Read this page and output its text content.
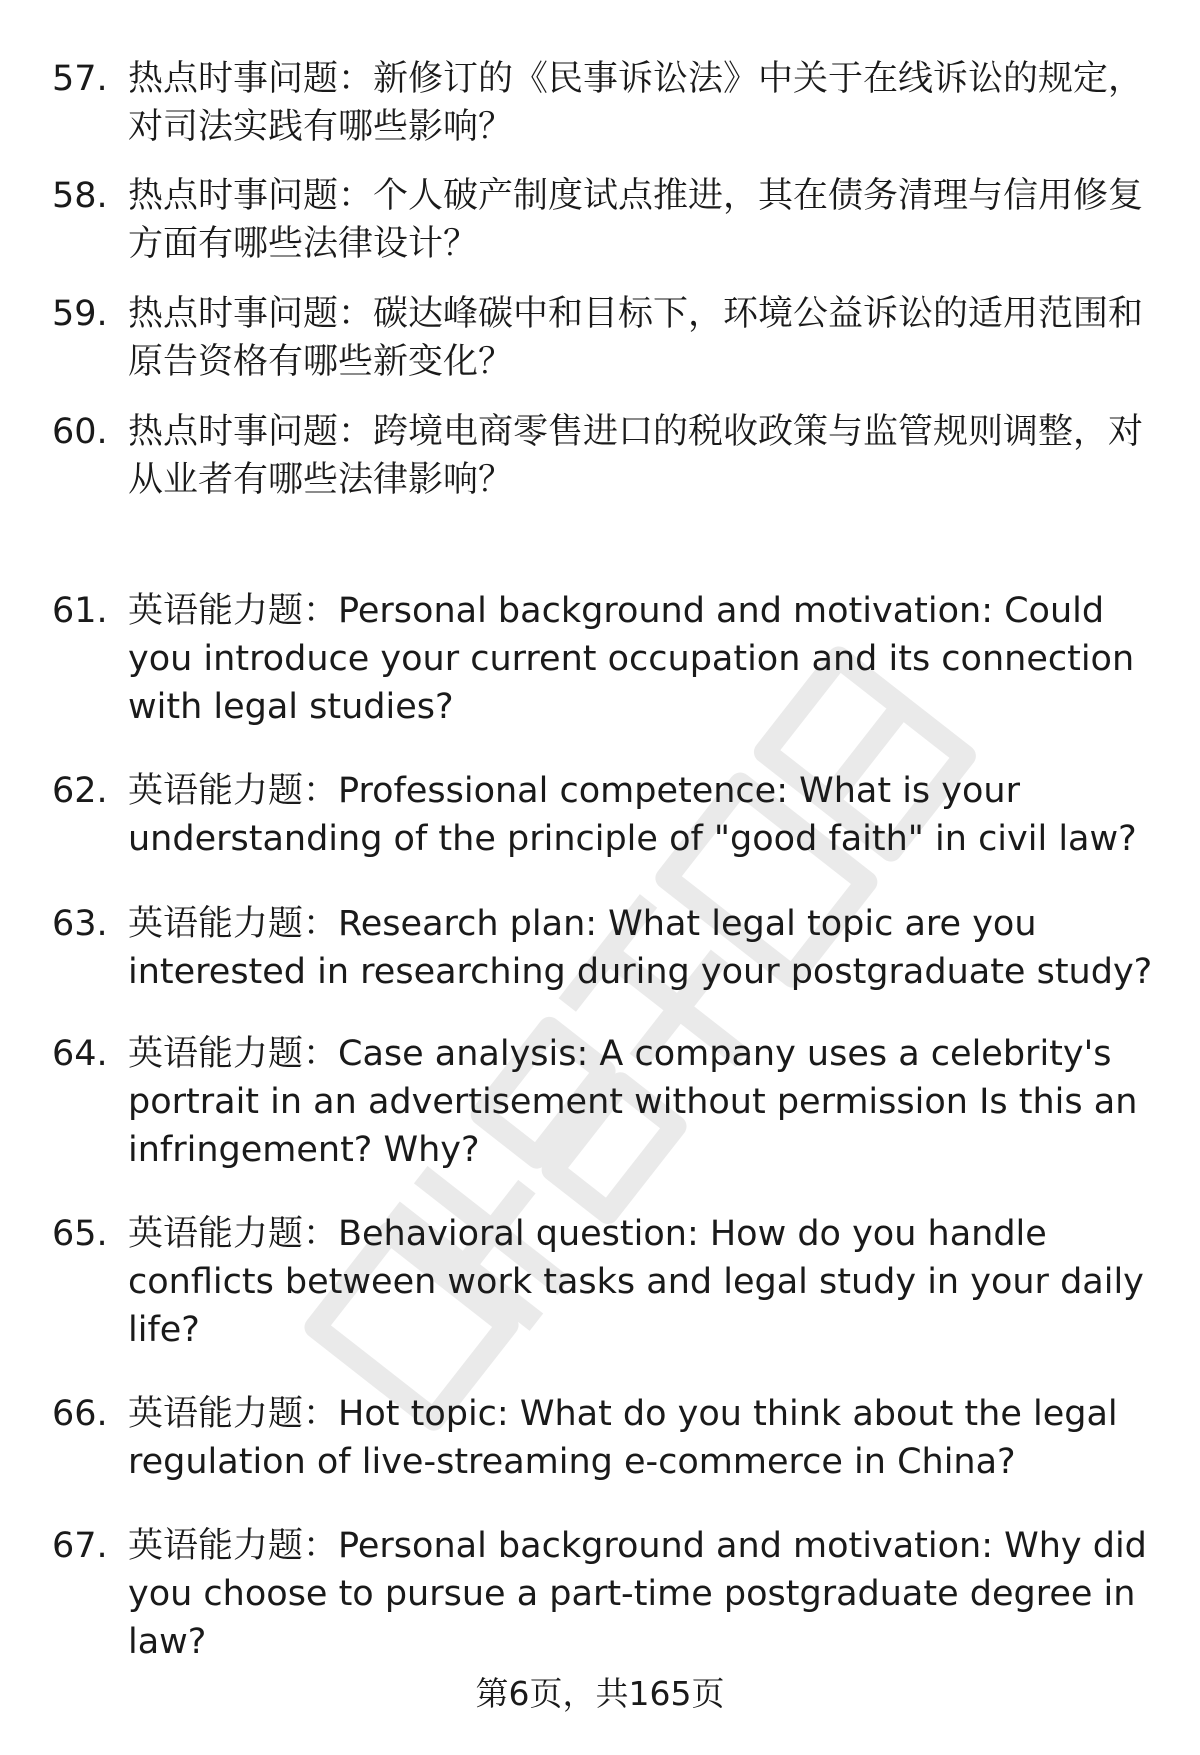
57. 热点时事问题：新修订的《民事诉讼法》中关于在线诉讼的规定，对司法实践有哪些影响？
58. 热点时事问题：个人破产制度试点推进，其在债务清理与信用修复方面有哪些法律设计？
59. 热点时事问题：碳达峰碳中和目标下，环境公益诉讼的适用范围和原告资格有哪些新变化？
60. 热点时事问题：跨境电商零售进口的税收政策与监管规则调整，对从业者有哪些法律影响？
61. 英语能力题：Personal background and motivation: Could you introduce your current occupation and its connection with legal studies?
62. 英语能力题：Professional competence: What is your understanding of the principle of "good faith" in civil law?
63. 英语能力题：Research plan: What legal topic are you interested in researching during your postgraduate study?
64. 英语能力题：Case analysis: A company uses a celebrity's portrait in an advertisement without permission Is this an infringement? Why?
65. 英语能力题：Behavioral question: How do you handle conflicts between work tasks and legal study in your daily life?
66. 英语能力题：Hot topic: What do you think about the legal regulation of live-streaming e-commerce in China?
67. 英语能力题：Personal background and motivation: Why did you choose to pursue a part-time postgraduate degree in law?
第6页，共165页
